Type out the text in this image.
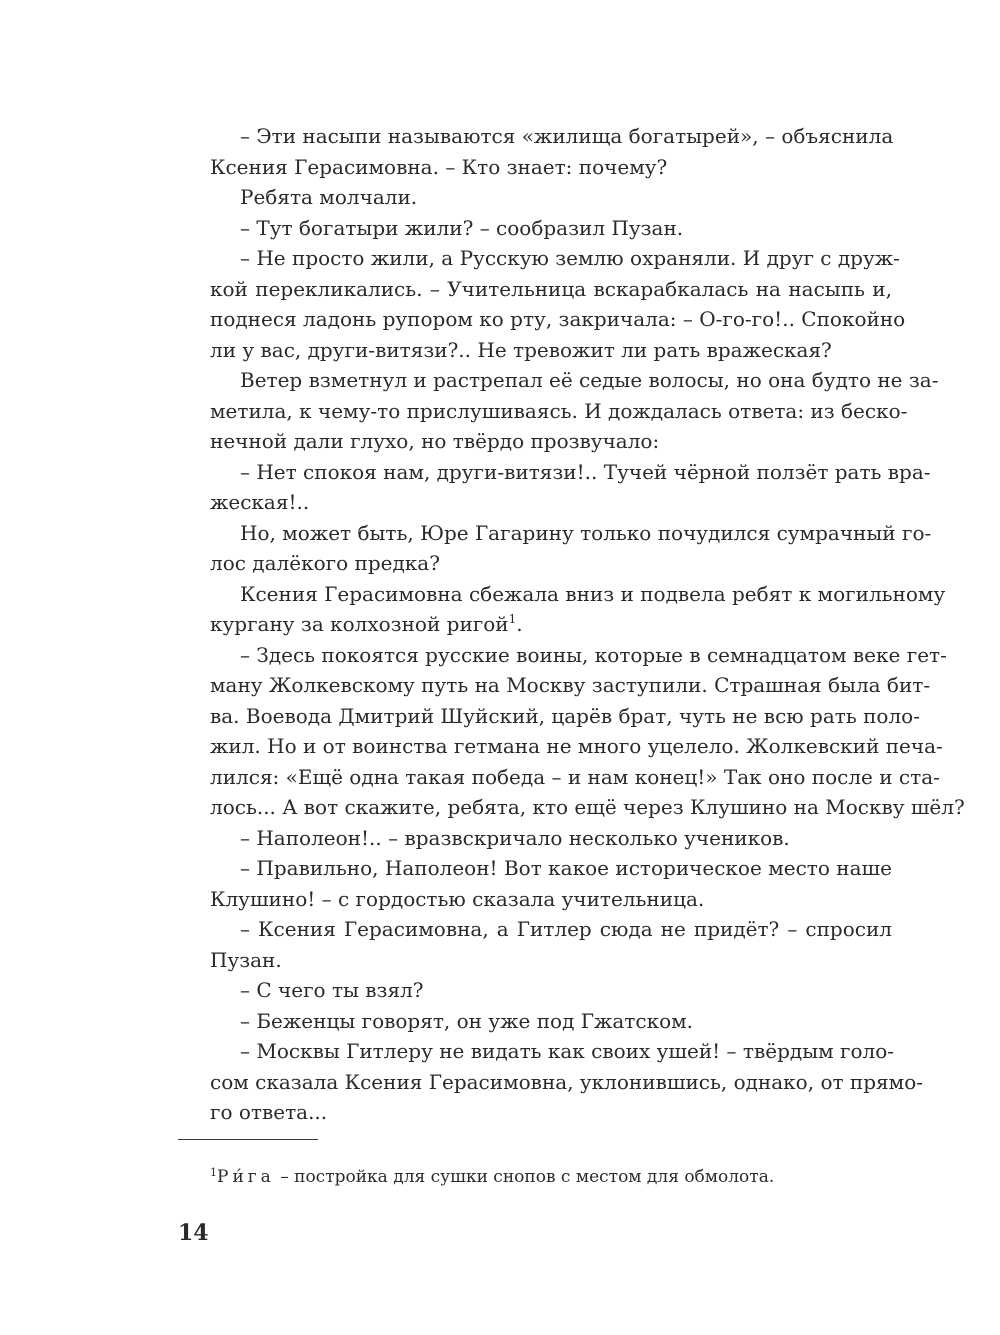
– Эти насыпи называются «жилища богатырей», – объяснила
Ксения Герасимовна. – Кто знает: почему?

Ребята молчали.

– Тут богатыри жили? – сообразил Пузан.

– Не просто жили, а Русскую землю охраняли. И друг с друж-
кой перекликались. – Учительница вскарабкалась на насыпь и,
поднеся ладонь рупором ко рту, закричала: – О-го-го!.. Спокойно
ли у вас, други-витязи?.. Не тревожит ли рать вражеская?

Ветер взметнул и растрепал её седые волосы, но она будто не за-
метила, к чему-то прислушиваясь. И дождалась ответа: из беско-
нечной дали глухо, но твёрдо прозвучало:

– Нет спокоя нам, други-витязи!.. Тучей чёрной ползёт рать вра-
жеская!..

Но, может быть, Юре Гагарину только почудился сумрачный го-
лос далёкого предка?

Ксения Герасимовна сбежала вниз и подвела ребят к могильному
кургану за колхозной ригой$^1$.

– Здесь покоятся русские воины, которые в семнадцатом веке гет-
ману Жолкевскому путь на Москву заступили. Страшная была бит-
ва. Воевода Дмитрий Шуйский, царёв брат, чуть не всю рать поло-
жил. Но и от воинства гетмана не много уцелело. Жолкевский печа-
лился: «Ещё одна такая победа – и нам конец!» Так оно после и ста-
лось... А вот скажите, ребята, кто ещё через Клушино на Москву шёл?

– Наполеон!.. – вразвскричало несколько учеников.

– Правильно, Наполеон! Вот какое историческое место наше
Клушино! – с гордостью сказала учительница.

– Ксения Герасимовна, а Гитлер сюда не придёт? – спросил
Пузан.

– С чего ты взял?

– Беженцы говорят, он уже под Гжатском.

– Москвы Гитлеру не видать как своих ушей! – твёрдым голо-
сом сказала Ксения Герасимовна, уклонившись, однако, от прямо-
го ответа...

$^1$Ри́га – постройка для сушки снопов с местом для обмолота.
14
